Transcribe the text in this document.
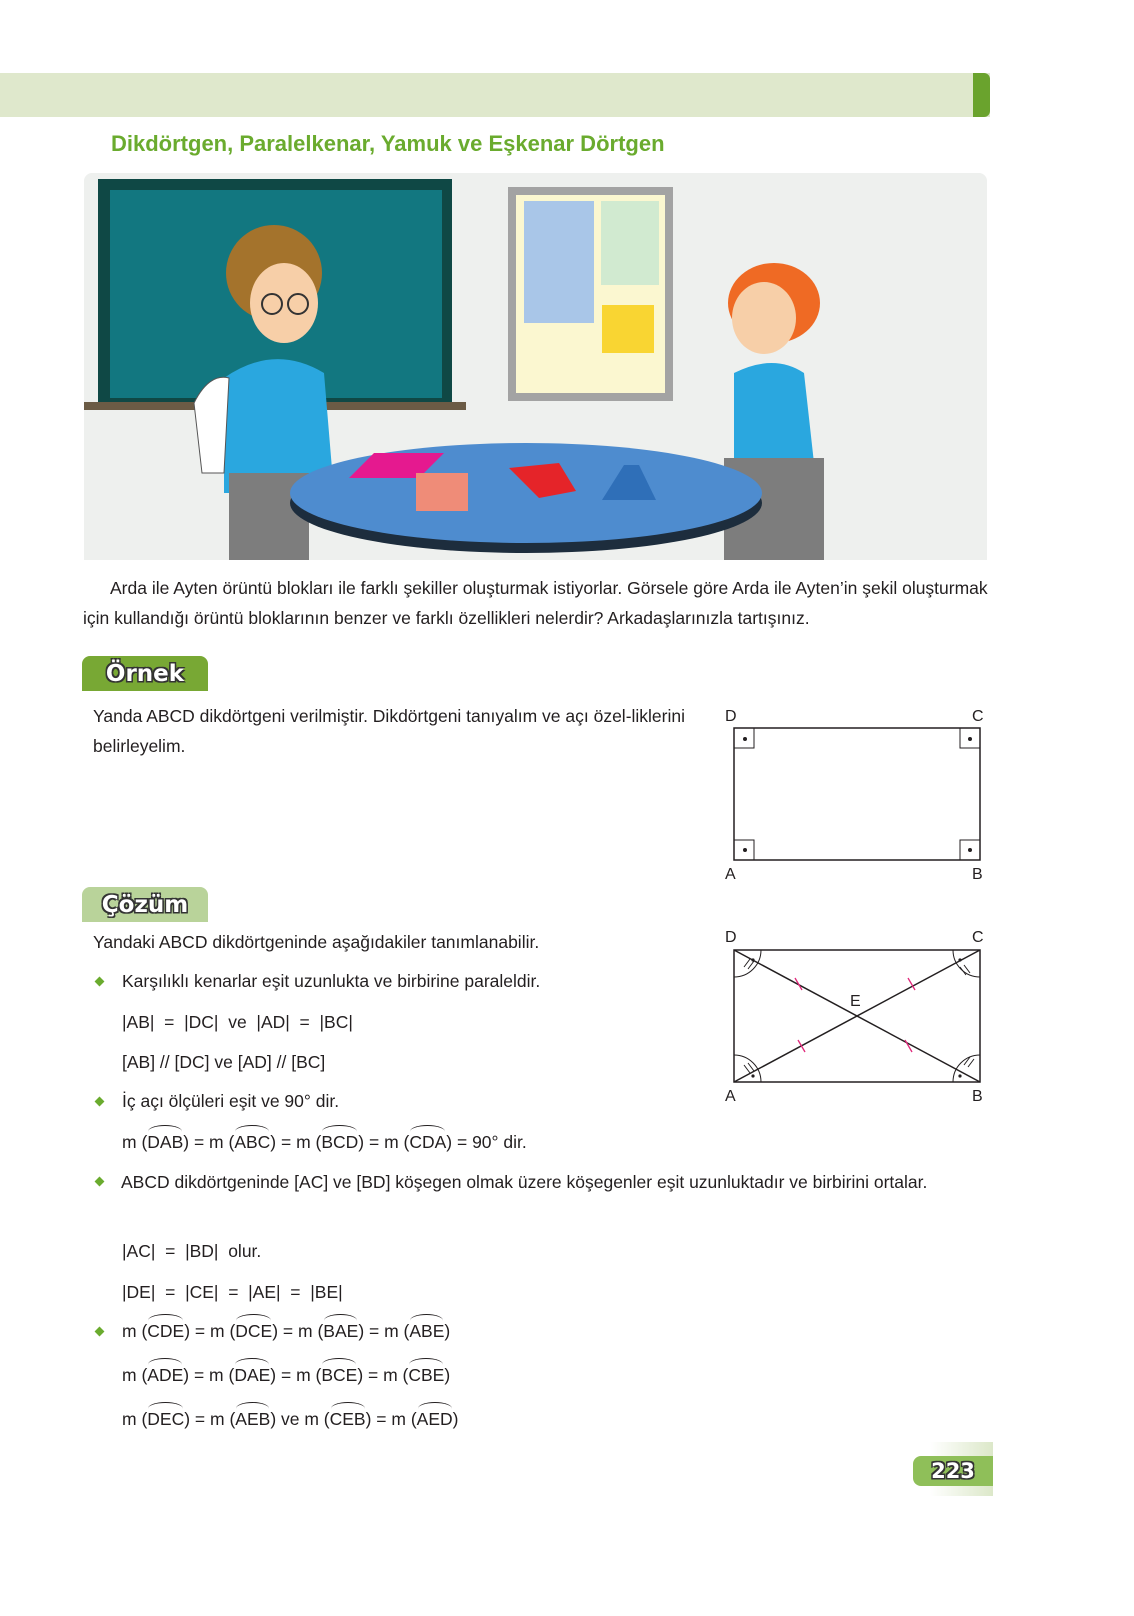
Dikdörtgen, Paralelkenar, Yamuk ve Eşkenar Dörtgen
Arda ile Ayten örüntü blokları ile farklı şekiller oluşturmak istiyorlar. Görsele göre Arda ile Ayten’in şekil oluşturmak için kullandığı örüntü bloklarının benzer ve farklı özellikleri nelerdir? Arkadaşlarınızla tartışınız.
Örnek
Yanda ABCD dikdörtgeni verilmiştir. Dikdörtgeni tanıyalım ve açı özel-liklerini belirleyelim.
D	C
A	B
Çözüm
Yandaki ABCD dikdörtgeninde aşağıdakiler tanımlanabilir.	D	C
E
A	B
Karşılıklı kenarlar eşit uzunlukta ve birbirine paraleldir.
|AB|  =  |DC|  ve  |AD|  =  |BC|
[AB] // [DC] ve [AD] // [BC]
İç açı ölçüleri eşit ve 90° dir.
m (DAB) = m (ABC) = m (BCD) = m (CDA) = 90° dir.
ABCD dikdörtgeninde [AC] ve [BD] köşegen olmak üzere köşegenler eşit uzunluktadır ve birbirini ortalar.
|AC|  =  |BD|  olur.
|DE|  =  |CE|  =  |AE|  =  |BE|
m (CDE) = m (DCE) = m (BAE) = m (ABE)
m (ADE) = m (DAE) = m (BCE) = m (CBE)
m (DEC) = m (AEB) ve m (CEB) = m (AED)
223
